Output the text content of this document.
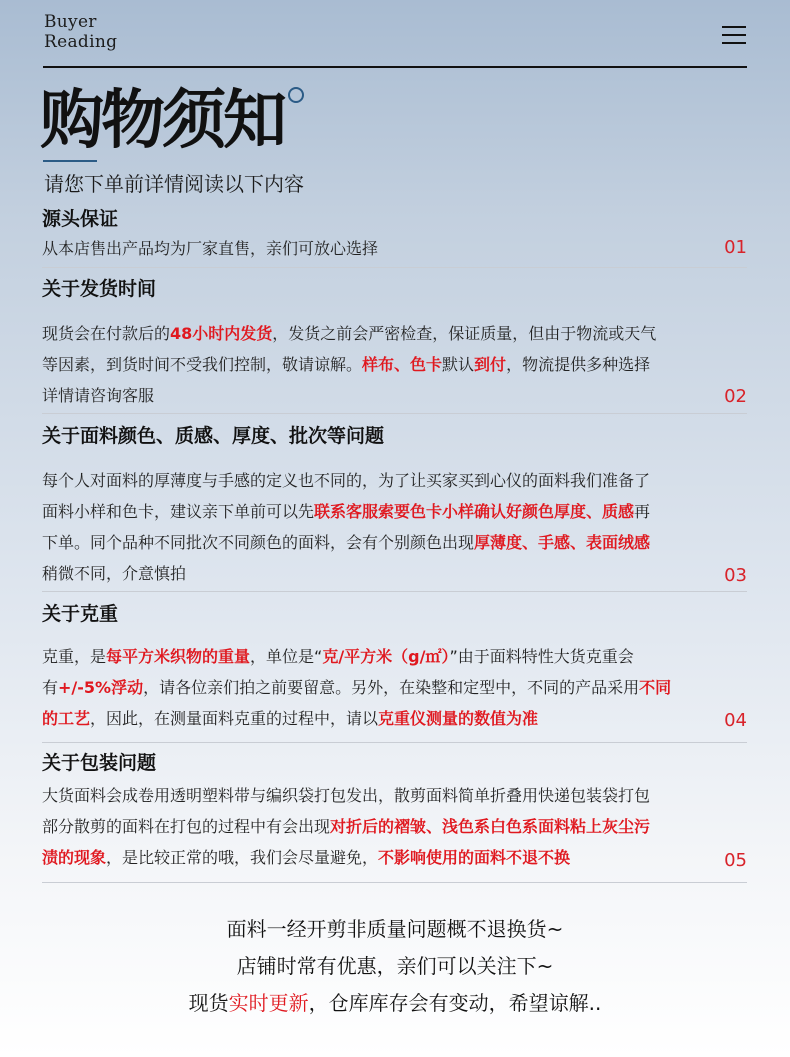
Buyer
Reading
购物须知
请您下单前详情阅读以下内容
源头保证
从本店售出产品均为厂家直售，亲们可放心选择	01
关于发货时间
现货会在付款后的48小时内发货，发货之前会严密检查，保证质量，但由于物流或天气
等因素，到货时间不受我们控制，敬请谅解。样布、色卡默认到付，物流提供多种选择
详情请咨询客服	02
关于面料颜色、质感、厚度、批次等问题
每个人对面料的厚薄度与手感的定义也不同的，为了让买家买到心仪的面料我们准备了
面料小样和色卡，建议亲下单前可以先联系客服索要色卡小样确认好颜色厚度、质感再
下单。同个品种不同批次不同颜色的面料，会有个别颜色出现厚薄度、手感、表面绒感
稍微不同，介意慎拍	03
关于克重
克重，是每平方米织物的重量，单位是“克/平方米（g/㎡）”由于面料特性大货克重会
有+/-5%浮动，请各位亲们拍之前要留意。另外，在染整和定型中，不同的产品采用不同
的工艺，因此，在测量面料克重的过程中，请以克重仪测量的数值为准	04
关于包装问题
大货面料会成卷用透明塑料带与编织袋打包发出，散剪面料简单折叠用快递包装袋打包
部分散剪的面料在打包的过程中有会出现对折后的褶皱、浅色系白色系面料粘上灰尘污
渍的现象，是比较正常的哦，我们会尽量避免，不影响使用的面料不退不换	05
面料一经开剪非质量问题概不退换货~
店铺时常有优惠，亲们可以关注下~
现货实时更新，仓库库存会有变动，希望谅解..
